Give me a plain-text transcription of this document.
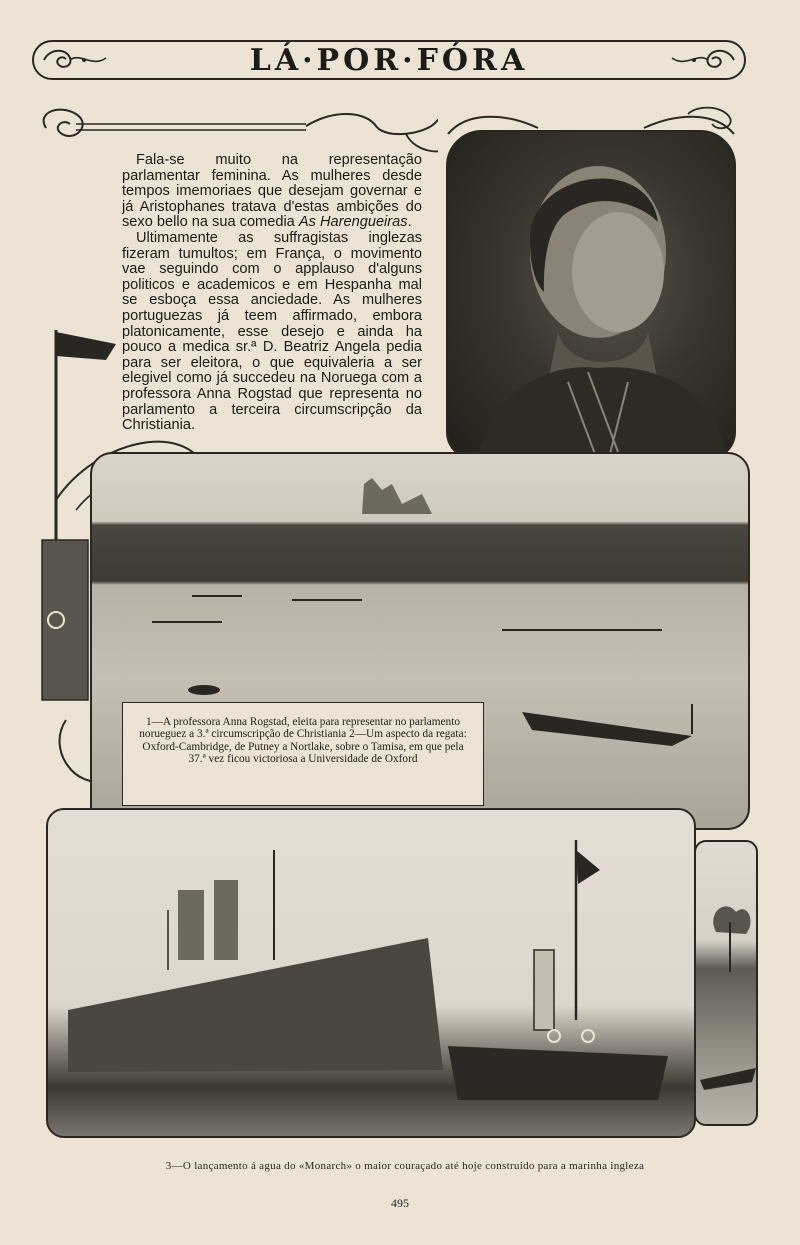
LÁ·POR·FÓRA

Fala-se muito na representação parlamentar feminina. As mulheres desde tempos imemoriaes que desejam governar e já Aristophanes tratava d'estas ambições do sexo bello na sua comedia As Harengueiras.

Ultimamente as suffragistas inglezas fizeram tumultos; em França, o movimento vae seguindo com o applauso d'alguns politicos e academicos e em Hespanha mal se esboça essa anciedade. As mulheres portuguezas já teem affirmado, embora platonicamente, esse desejo e ainda ha pouco a medica sr.ª D. Beatriz Angela pedia para ser eleitora, o que equivaleria a ser elegivel como já succedeu na Noruega com a professora Anna Rogstad que representa no parlamento a terceira circumscripção da Christiania.

1—A professora Anna Rogstad, eleita para representar no parlamento norueguez a 3.ª circumscripção de Christiania 2—Um aspecto da regata: Oxford-Cambridge, de Putney a Nortlake, sobre o Tamisa, em que pela 37.ª vez ficou victoriosa a Universidade de Oxford
3—O lançamento á agua do «Monarch» o maior couraçado até hoje construido para a marinha ingleza
495
